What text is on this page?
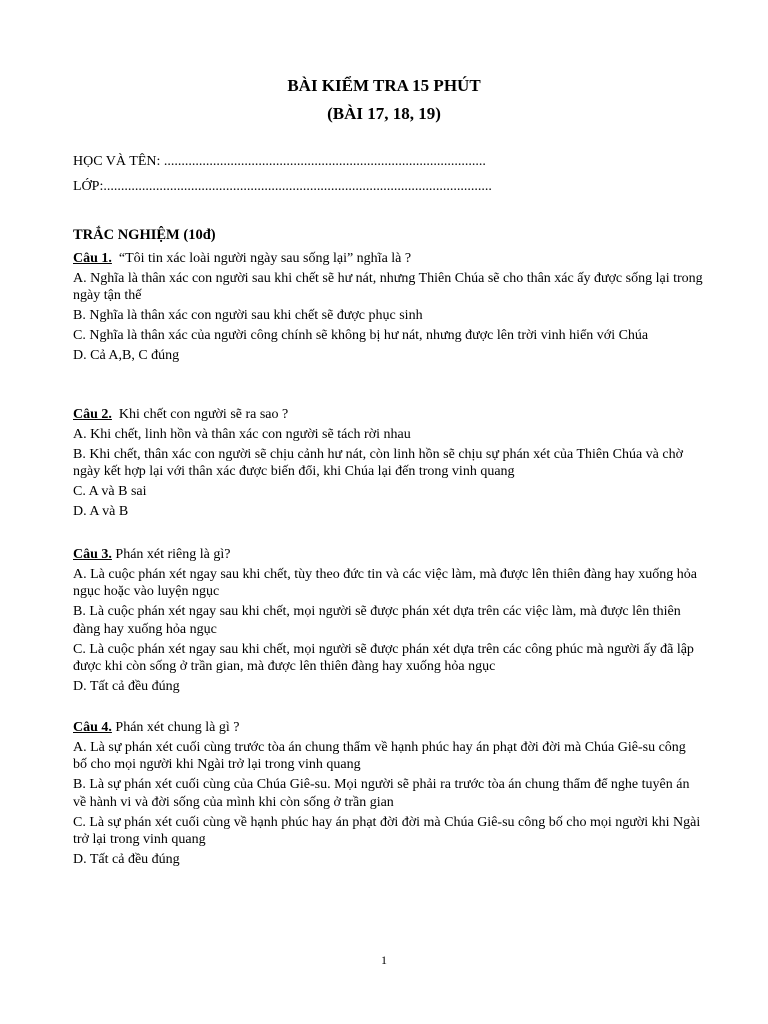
BÀI KIỂM TRA 15 PHÚT
(BÀI 17, 18, 19)
HỌC VÀ TÊN: ............................................................................................
LỚP:...............................................................................................................
TRẮC NGHIỆM (10đ)
Câu 1. “Tôi tin xác loài người ngày sau sống lại” nghĩa là ?
A. Nghĩa là thân xác con người sau khi chết sẽ hư nát, nhưng Thiên Chúa sẽ cho thân xác ấy được sống lại trong ngày tận thế
B. Nghĩa là thân xác con người sau khi chết sẽ được phục sinh
C. Nghĩa là thân xác của người công chính sẽ không bị hư nát, nhưng được lên trời vinh hiển với Chúa
D. Cả A,B, C đúng
Câu 2. Khi chết con người sẽ ra sao ?
A. Khi chết, linh hồn và thân xác con người sẽ tách rời nhau
B. Khi chết, thân xác con người sẽ chịu cảnh hư nát, còn linh hồn sẽ chịu sự phán xét của Thiên Chúa và chờ ngày kết hợp lại với thân xác được biến đổi, khi Chúa lại đến trong vinh quang
C. A và B sai
D. A và B
Câu 3. Phán xét riêng là gì?
A. Là cuộc phán xét ngay sau khi chết, tùy theo đức tin và các việc làm, mà được lên thiên đàng hay xuống hỏa ngục hoặc vào luyện ngục
B. Là cuộc phán xét ngay sau khi chết, mọi người sẽ được phán xét dựa trên các việc làm, mà được lên thiên đàng hay xuống hỏa ngục
C. Là cuộc phán xét ngay sau khi chết, mọi người sẽ được phán xét dựa trên các công phúc mà người ấy đã lập được khi còn sống ở trần gian, mà được lên thiên đàng hay xuống hỏa ngục
D. Tất cả đều đúng
Câu 4. Phán xét chung là gì ?
A. Là sự phán xét cuối cùng trước tòa án chung thẩm về hạnh phúc hay án phạt đời đời mà Chúa Giê-su công bố cho mọi người khi Ngài trở lại trong vinh quang
B. Là sự phán xét cuối cùng của Chúa Giê-su. Mọi người sẽ phải ra trước tòa án chung thẩm để nghe tuyên án về hành vi và đời sống của mình khi còn sống ở trần gian
C. Là sự phán xét cuối cùng về hạnh phúc hay án phạt đời đời mà Chúa Giê-su công bố cho mọi người khi Ngài trở lại trong vinh quang
D. Tất cả đều đúng
1
